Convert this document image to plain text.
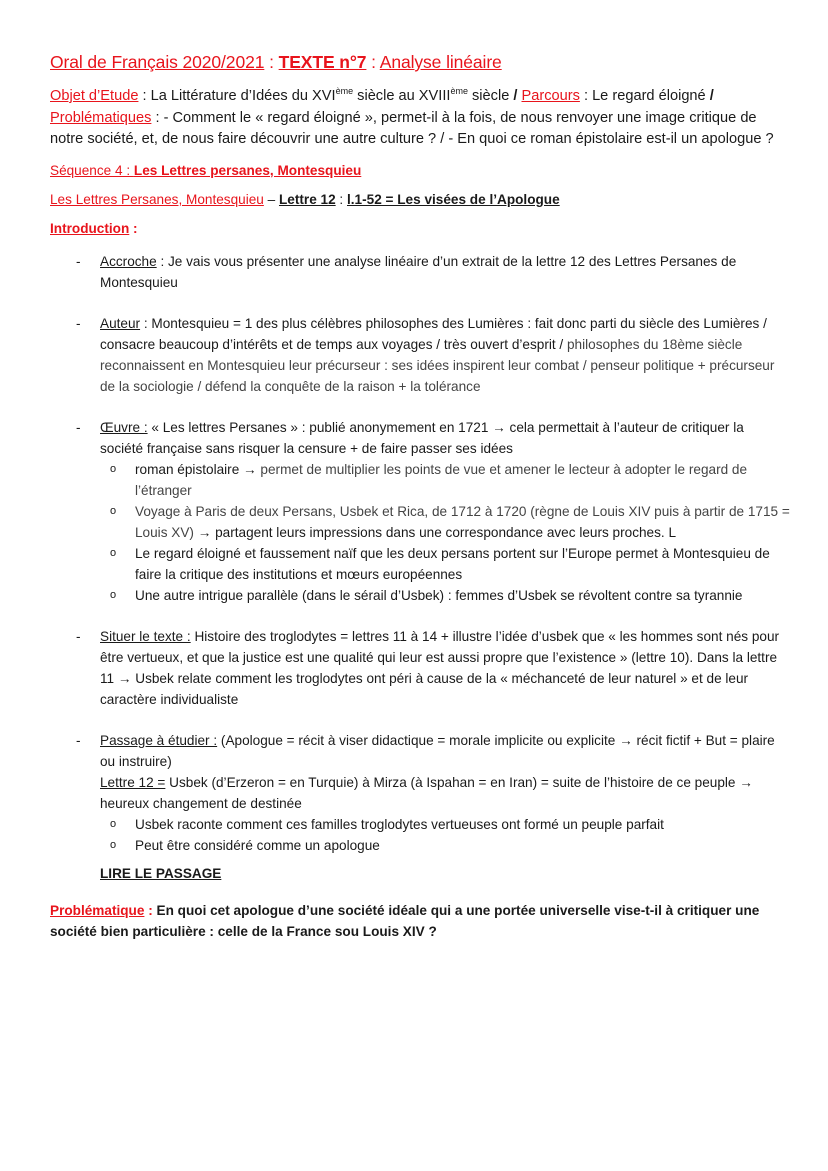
Oral de Français 2020/2021 : TEXTE n°7 : Analyse linéaire
Objet d’Etude : La Littérature d’Idées du XVIème siècle au XVIIIème siècle / Parcours : Le regard éloigné / Problématiques : - Comment le « regard éloigné », permet-il à la fois, de nous renvoyer une image critique de notre société, et, de nous faire découvrir une autre culture ? / - En quoi ce roman épistolaire est-il un apologue ?
Séquence 4 : Les Lettres persanes, Montesquieu
Les Lettres Persanes, Montesquieu – Lettre 12 : l.1-52 = Les visées de l’Apologue
Introduction :
- Accroche : Je vais vous présenter une analyse linéaire d’un extrait de la lettre 12 des Lettres Persanes de Montesquieu
- Auteur : Montesquieu = 1 des plus célèbres philosophes des Lumières : fait donc parti du siècle des Lumières / consacre beaucoup d’intérêts et de temps aux voyages / très ouvert d’esprit / philosophes du 18ème siècle reconnaissent en Montesquieu leur précurseur : ses idées inspirent leur combat / penseur politique + précurseur de la sociologie / défend la conquête de la raison + la tolérance
- Œuvre : « Les lettres Persanes » : publié anonymement en 1721 → cela permettait à l’auteur de critiquer la société française sans risquer la censure + de faire passer ses idées
o roman épistolaire → permet de multiplier les points de vue et amener le lecteur à adopter le regard de l’étranger
o Voyage à Paris de deux Persans, Usbek et Rica, de 1712 à 1720 (règne de Louis XIV puis à partir de 1715 = Louis XV) → partagent leurs impressions dans une correspondance avec leurs proches. L
o Le regard éloigné et faussement naïf que les deux persans portent sur l’Europe permet à Montesquieu de faire la critique des institutions et mœurs européennes
o Une autre intrigue parallèle (dans le sérail d’Usbek) : femmes d’Usbek se révoltent contre sa tyrannie
- Situer le texte : Histoire des troglodytes = lettres 11 à 14 + illustre l’idée d’usbek que « les hommes sont nés pour être vertueux, et que la justice est une qualité qui leur est aussi propre que l’existence » (lettre 10). Dans la lettre 11 → Usbek relate comment les troglodytes ont péri à cause de la « méchanceté de leur naturel » et de leur caractère individualiste
- Passage à étudier : (Apologue = récit à viser didactique = morale implicite ou explicite → récit fictif + But = plaire ou instruire)
Lettre 12 = Usbek (d’Erzeron = en Turquie) à Mirza (à Ispahan = en Iran) = suite de l’histoire de ce peuple → heureux changement de destinée
o Usbek raconte comment ces familles troglodytes vertueuses ont formé un peuple parfait
o Peut être considéré comme un apologue
LIRE LE PASSAGE
Problématique : En quoi cet apologue d’une société idéale qui a une portée universelle vise-t-il à critiquer une société bien particulière : celle de la France sou Louis XIV ?
